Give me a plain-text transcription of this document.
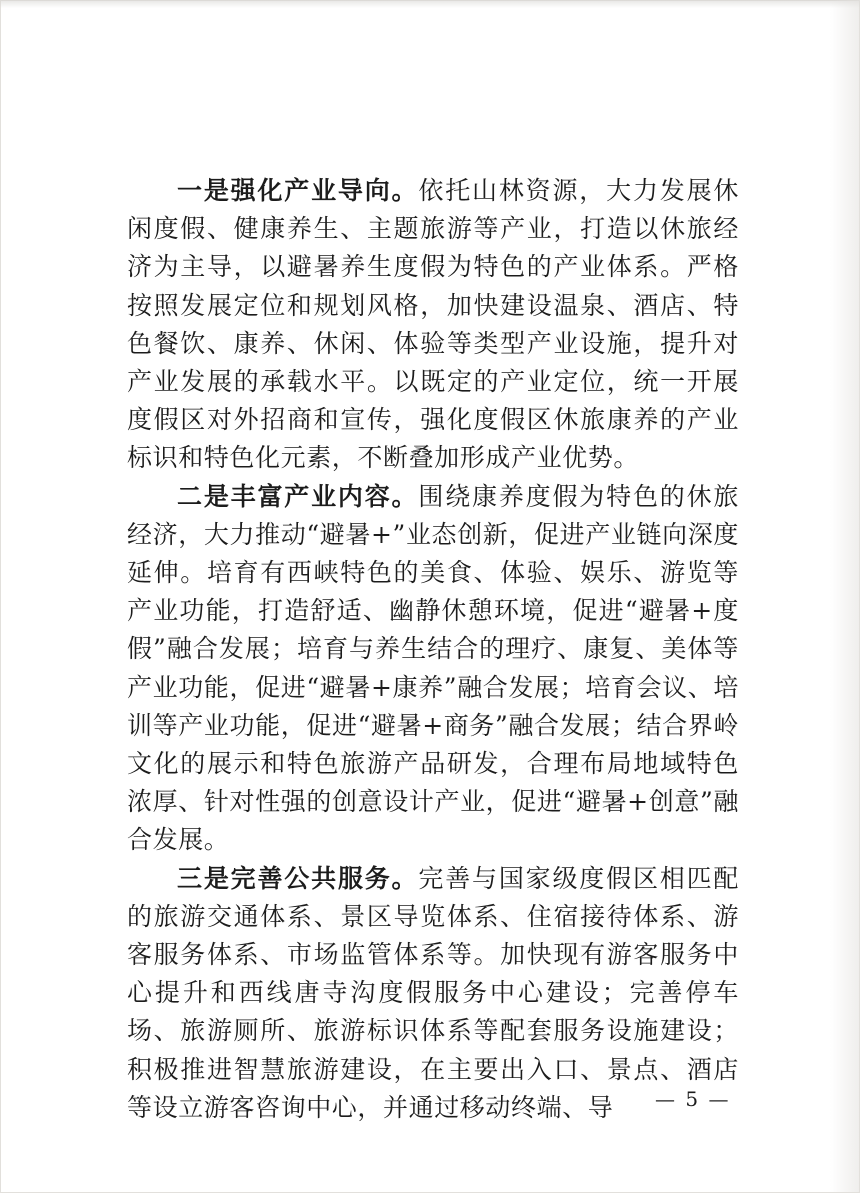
一是强化产业导向。依托山林资源，大力发展休闲度假、健康养生、主题旅游等产业，打造以休旅经济为主导，以避暑养生度假为特色的产业体系。严格按照发展定位和规划风格，加快建设温泉、酒店、特色餐饮、康养、休闲、体验等类型产业设施，提升对产业发展的承载水平。以既定的产业定位，统一开展度假区对外招商和宣传，强化度假区休旅康养的产业标识和特色化元素，不断叠加形成产业优势。

二是丰富产业内容。围绕康养度假为特色的休旅经济，大力推动“避暑+”业态创新，促进产业链向深度延伸。培育有西峡特色的美食、体验、娱乐、游览等产业功能，打造舒适、幽静休憩环境，促进“避暑+度假”融合发展；培育与养生结合的理疗、康复、美体等产业功能，促进“避暑+康养”融合发展；培育会议、培训等产业功能，促进“避暑+商务”融合发展；结合界岭文化的展示和特色旅游产品研发，合理布局地域特色浓厚、针对性强的创意设计产业，促进“避暑+创意”融合发展。

三是完善公共服务。完善与国家级度假区相匹配的旅游交通体系、景区导览体系、住宿接待体系、游客服务体系、市场监管体系等。加快现有游客服务中心提升和西线唐寺沟度假服务中心建设；完善停车场、旅游厕所、旅游标识体系等配套服务设施建设；积极推进智慧旅游建设，在主要出入口、景点、酒店等设立游客咨询中心，并通过移动终端、导	— 5 —
